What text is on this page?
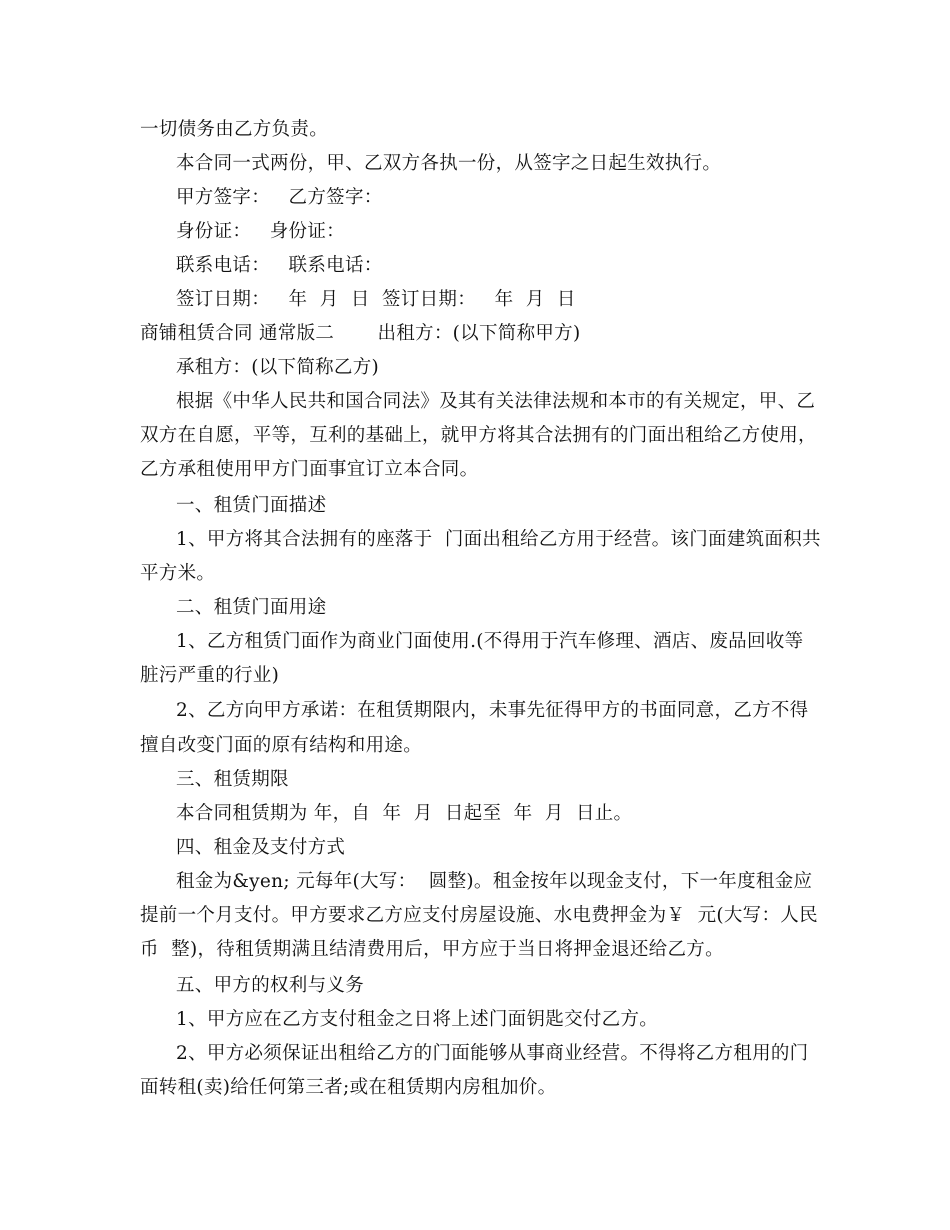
一切债务由乙方负责。
本合同一式两份，甲、乙双方各执一份，从签字之日起生效执行。
甲方签字：   乙方签字：
身份证：   身份证：
联系电话：   联系电话：
签订日期：   年  月  日  签订日期：   年  月  日
商铺租赁合同 通常版二       出租方：(以下简称甲方)
承租方：(以下简称乙方)
根据《中华人民共和国合同法》及其有关法律法规和本市的有关规定，甲、乙
双方在自愿，平等，互利的基础上，就甲方将其合法拥有的门面出租给乙方使用，
乙方承租使用甲方门面事宜订立本合同。
一、租赁门面描述
1、甲方将其合法拥有的座落于  门面出租给乙方用于经营。该门面建筑面积共
平方米。
二、租赁门面用途
1、乙方租赁门面作为商业门面使用.(不得用于汽车修理、酒店、废品回收等
脏污严重的行业)
2、乙方向甲方承诺：在租赁期限内，未事先征得甲方的书面同意，乙方不得
擅自改变门面的原有结构和用途。
三、租赁期限
本合同租赁期为 年，自  年  月  日起至  年  月  日止。
四、租金及支付方式
租金为&yen; 元每年(大写：  圆整)。租金按年以现金支付，下一年度租金应
提前一个月支付。甲方要求乙方应支付房屋设施、水电费押金为￥  元(大写：人民
币  整)，待租赁期满且结清费用后，甲方应于当日将押金退还给乙方。
五、甲方的权利与义务
1、甲方应在乙方支付租金之日将上述门面钥匙交付乙方。
2、甲方必须保证出租给乙方的门面能够从事商业经营。不得将乙方租用的门
面转租(卖)给任何第三者;或在租赁期内房租加价。
